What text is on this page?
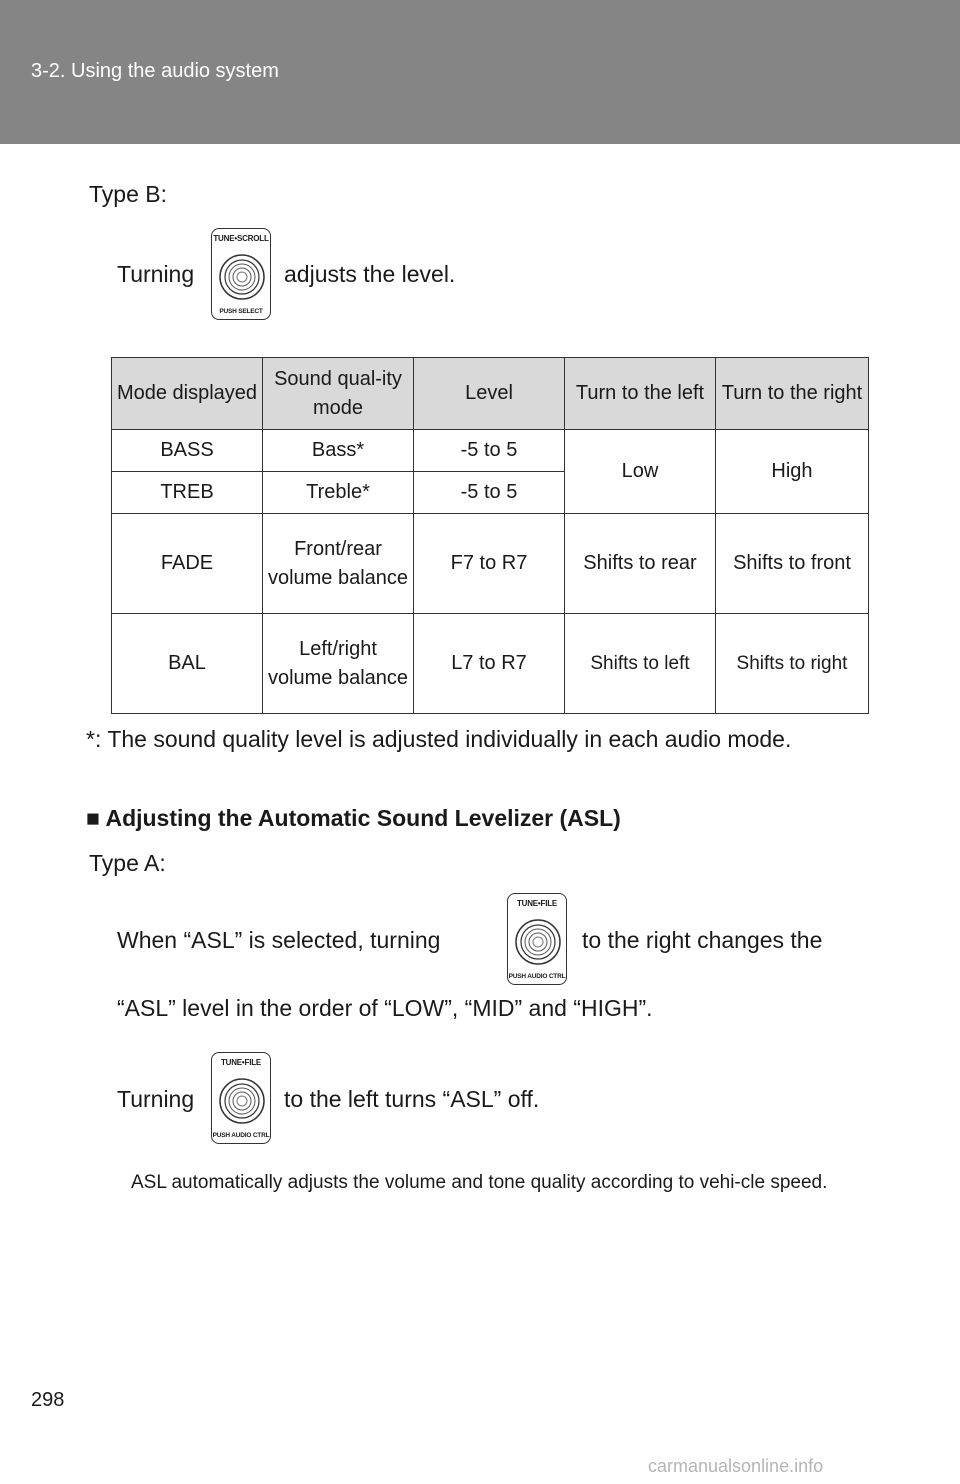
3-2. Using the audio system
Type B:
Turning
TUNE•SCROLL
PUSH SELECT
adjusts the level.
Mode displayed	Sound qual-ity mode	Level	Turn to the left	Turn to the right
BASS	Bass*	-5 to 5	Low	High
TREB	Treble*	-5 to 5		
FADE	Front/rear volume balance	F7 to R7	Shifts to rear	Shifts to front
BAL	Left/right volume balance	L7 to R7	Shifts to left	Shifts to right
*: The sound quality level is adjusted individually in each audio mode.
■ Adjusting the Automatic Sound Levelizer (ASL)
Type A:
When “ASL” is selected, turning
TUNE•FILE
PUSH AUDIO CTRL
to the right changes the
“ASL” level in the order of “LOW”, “MID” and “HIGH”.
Turning
TUNE•FILE
PUSH AUDIO CTRL
to the left turns “ASL” off.
ASL automatically adjusts the volume and tone quality according to vehi-cle speed.
298
carmanualsonline.info
